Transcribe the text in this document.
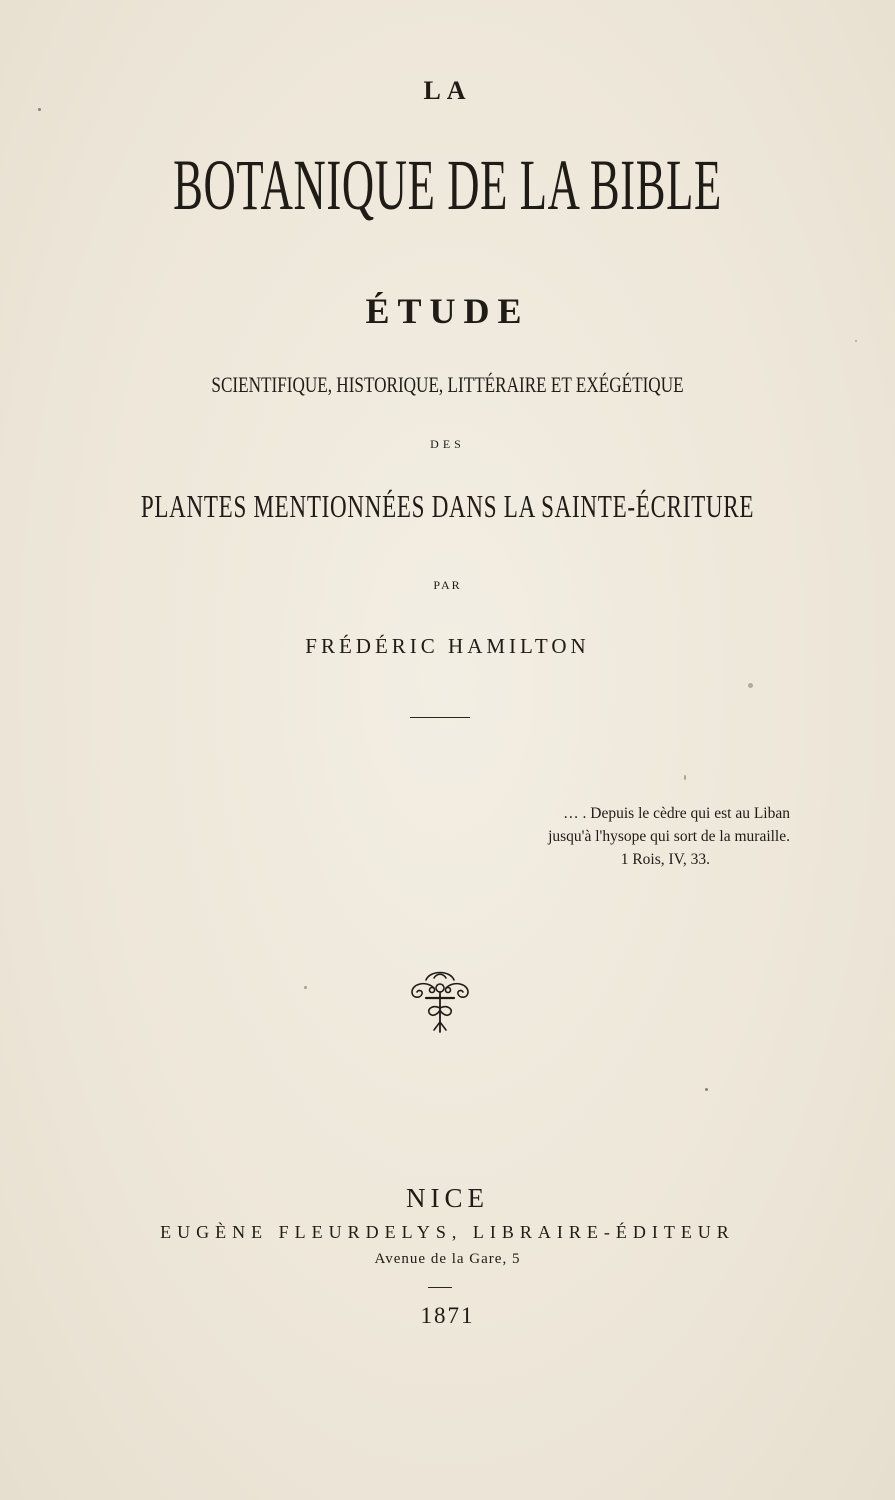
LA
BOTANIQUE DE LA BIBLE
ÉTUDE
SCIENTIFIQUE, HISTORIQUE, LITTÉRAIRE ET EXÉGÉTIQUE
DES
PLANTES MENTIONNÉES DANS LA SAINTE-ÉCRITURE
PAR
FRÉDÉRIC HAMILTON
… . Depuis le cèdre qui est au Liban
jusqu'à l'hysope qui sort de la muraille.
1 Rois, IV, 33.
NICE
EUGÈNE FLEURDELYS, LIBRAIRE-ÉDITEUR
Avenue de la Gare, 5
1871
